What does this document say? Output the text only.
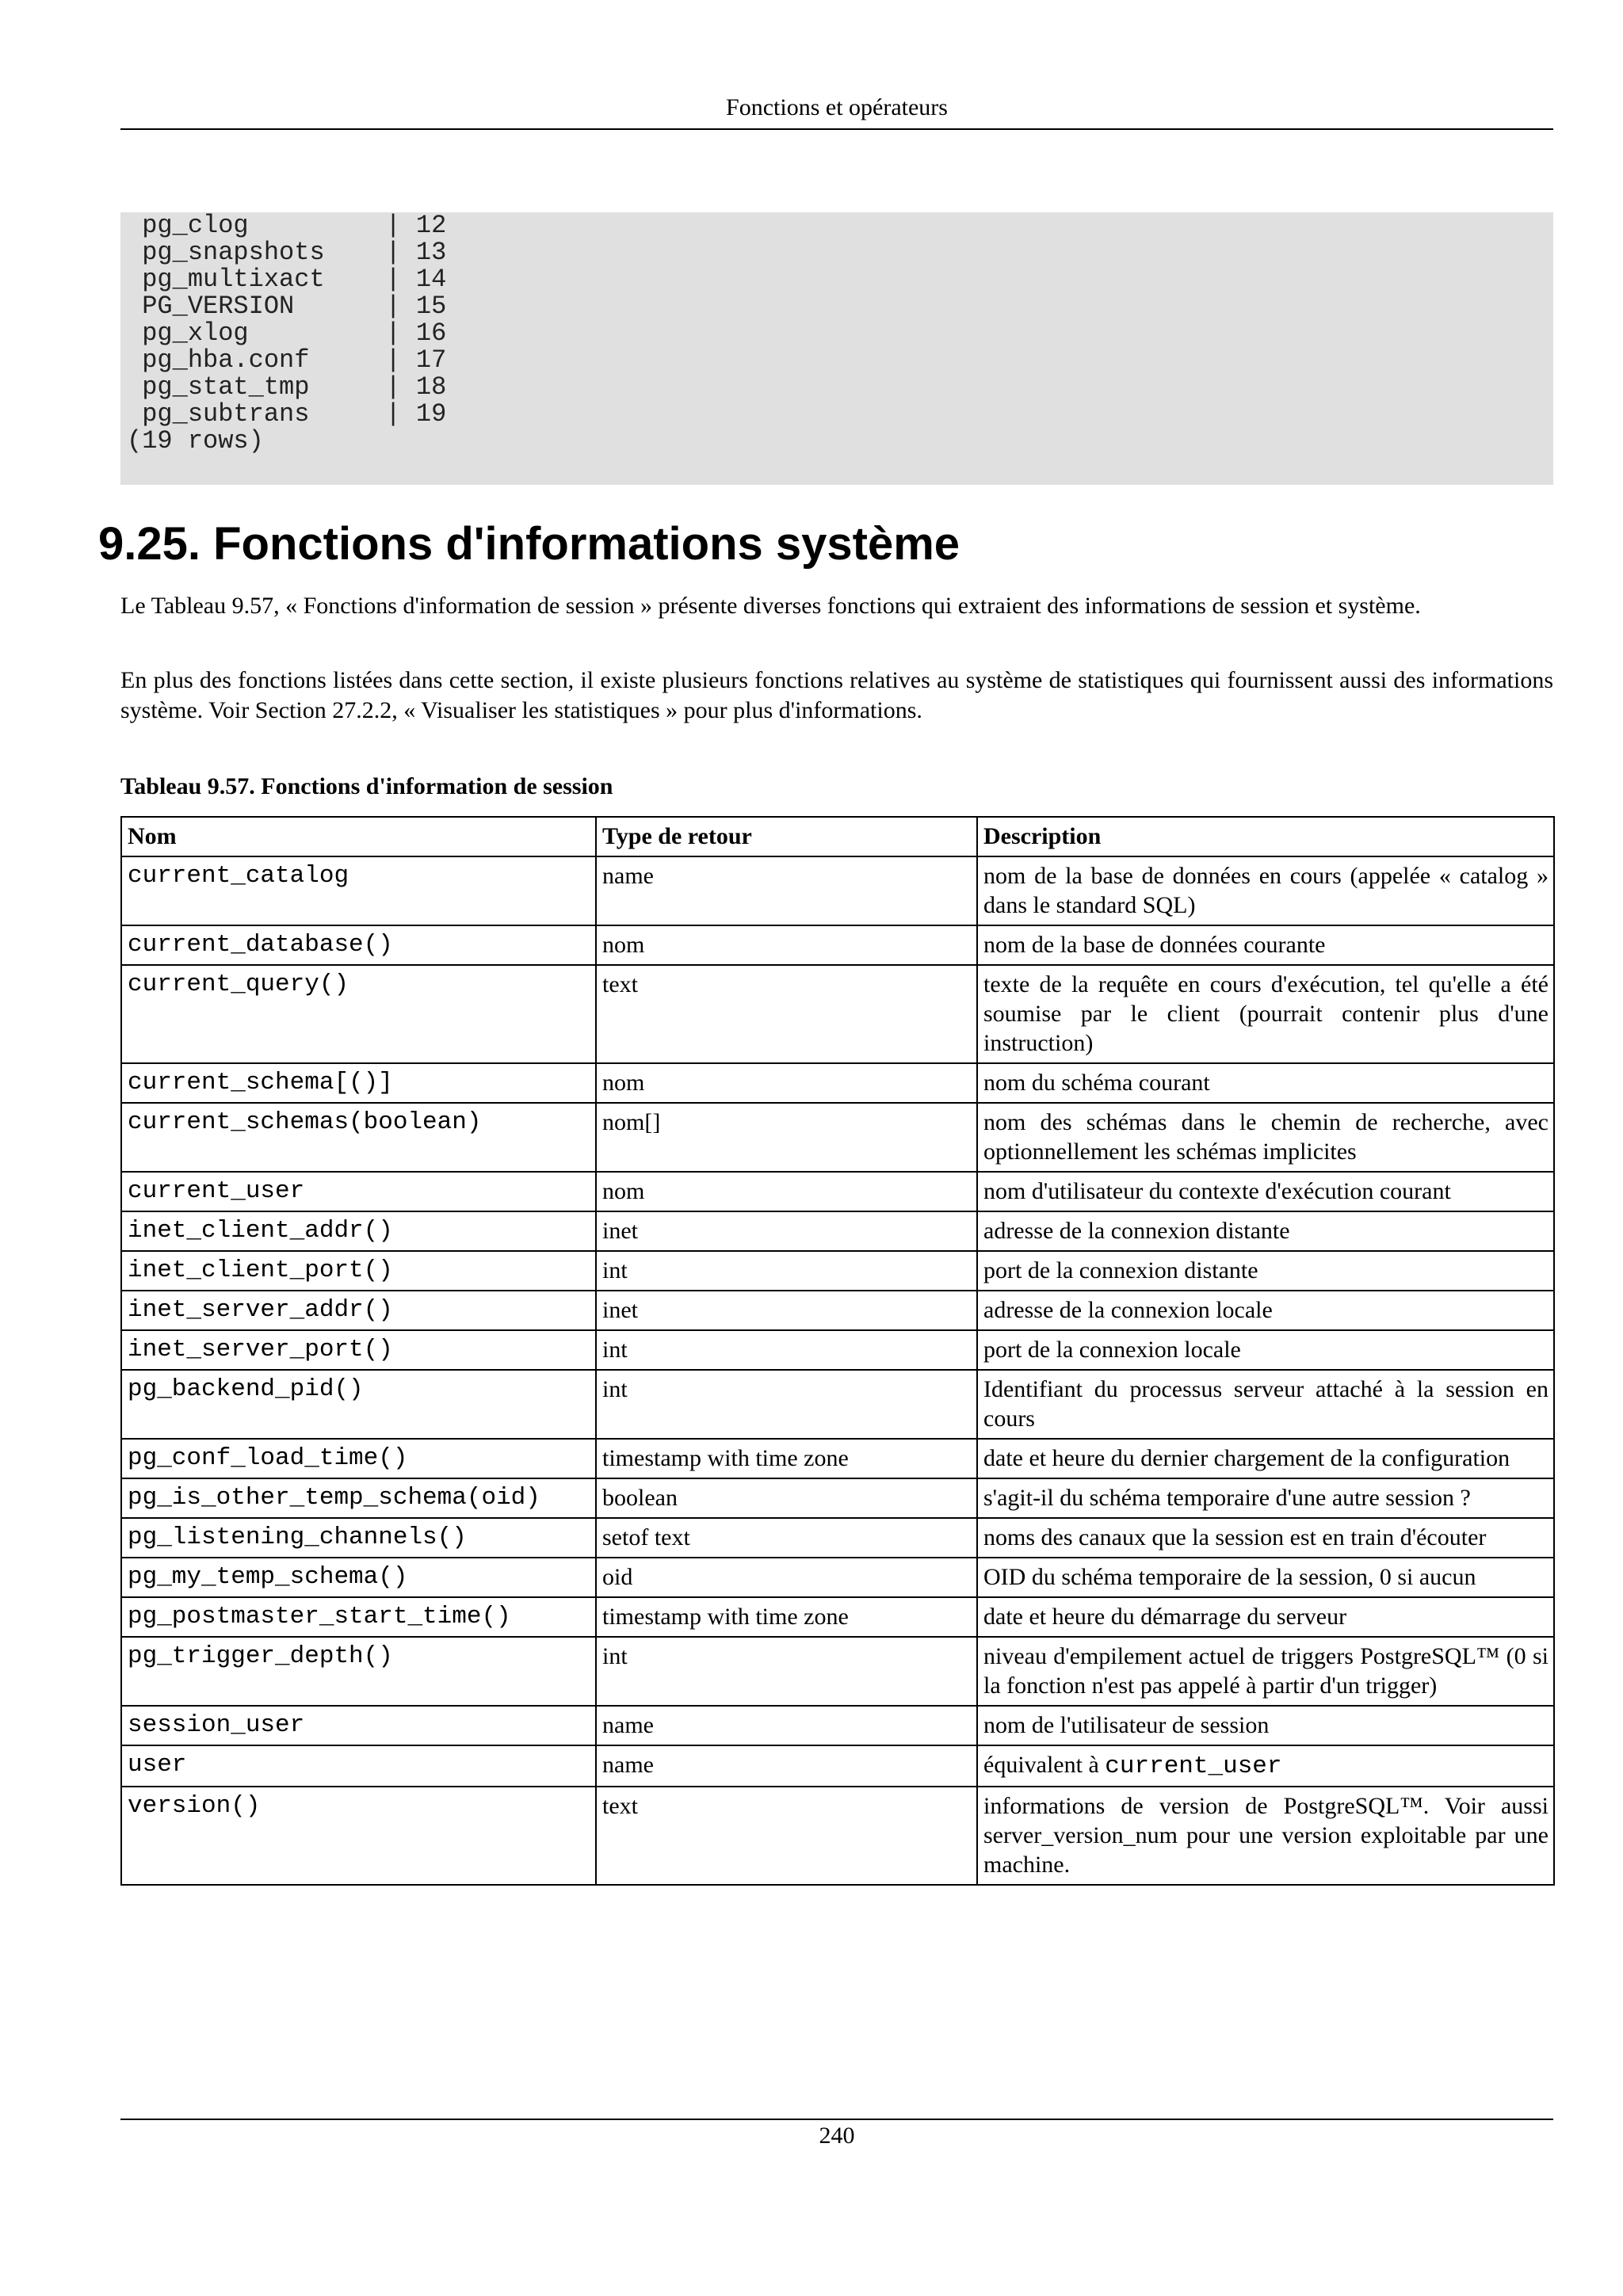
Fonctions et opérateurs
pg_clog         | 12
pg_snapshots    | 13
pg_multixact    | 14
PG_VERSION      | 15
pg_xlog         | 16
pg_hba.conf     | 17
pg_stat_tmp     | 18
pg_subtrans     | 19
(19 rows)
9.25. Fonctions d'informations système

Le Tableau 9.57, « Fonctions d'information de session » présente diverses fonctions qui extraient des informations de session et système.

En plus des fonctions listées dans cette section, il existe plusieurs fonctions relatives au système de statistiques qui fournissent aussi des informations système. Voir Section 27.2.2, « Visualiser les statistiques » pour plus d'informations.

Tableau 9.57. Fonctions d'information de session

Nom	Type de retour	Description
current_catalog	name	nom de la base de données en cours (appelée « catalog » dans le standard SQL)
current_database()	nom	nom de la base de données courante
current_query()	text	texte de la requête en cours d'exécution, tel qu'elle a été soumise par le client (pourrait contenir plus d'une instruction)
current_schema[()]	nom	nom du schéma courant
current_schemas(boolean)	nom[]	nom des schémas dans le chemin de recherche, avec optionnellement les schémas implicites
current_user	nom	nom d'utilisateur du contexte d'exécution courant
inet_client_addr()	inet	adresse de la connexion distante
inet_client_port()	int	port de la connexion distante
inet_server_addr()	inet	adresse de la connexion locale
inet_server_port()	int	port de la connexion locale
pg_backend_pid()	int	Identifiant du processus serveur attaché à la session en cours
pg_conf_load_time()	timestamp with time zone	date et heure du dernier chargement de la configuration
pg_is_other_temp_schema(oid)	boolean	s'agit-il du schéma temporaire d'une autre session ?
pg_listening_channels()	setof text	noms des canaux que la session est en train d'écouter
pg_my_temp_schema()	oid	OID du schéma temporaire de la session, 0 si aucun
pg_postmaster_start_time()	timestamp with time zone	date et heure du démarrage du serveur
pg_trigger_depth()	int	niveau d'empilement actuel de triggers PostgreSQL™ (0 si la fonction n'est pas appelé à partir d'un trigger)
session_user	name	nom de l'utilisateur de session
user	name	équivalent à current_user
version()	text	informations de version de PostgreSQL™. Voir aussi server_version_num pour une version exploitable par une machine.
240
